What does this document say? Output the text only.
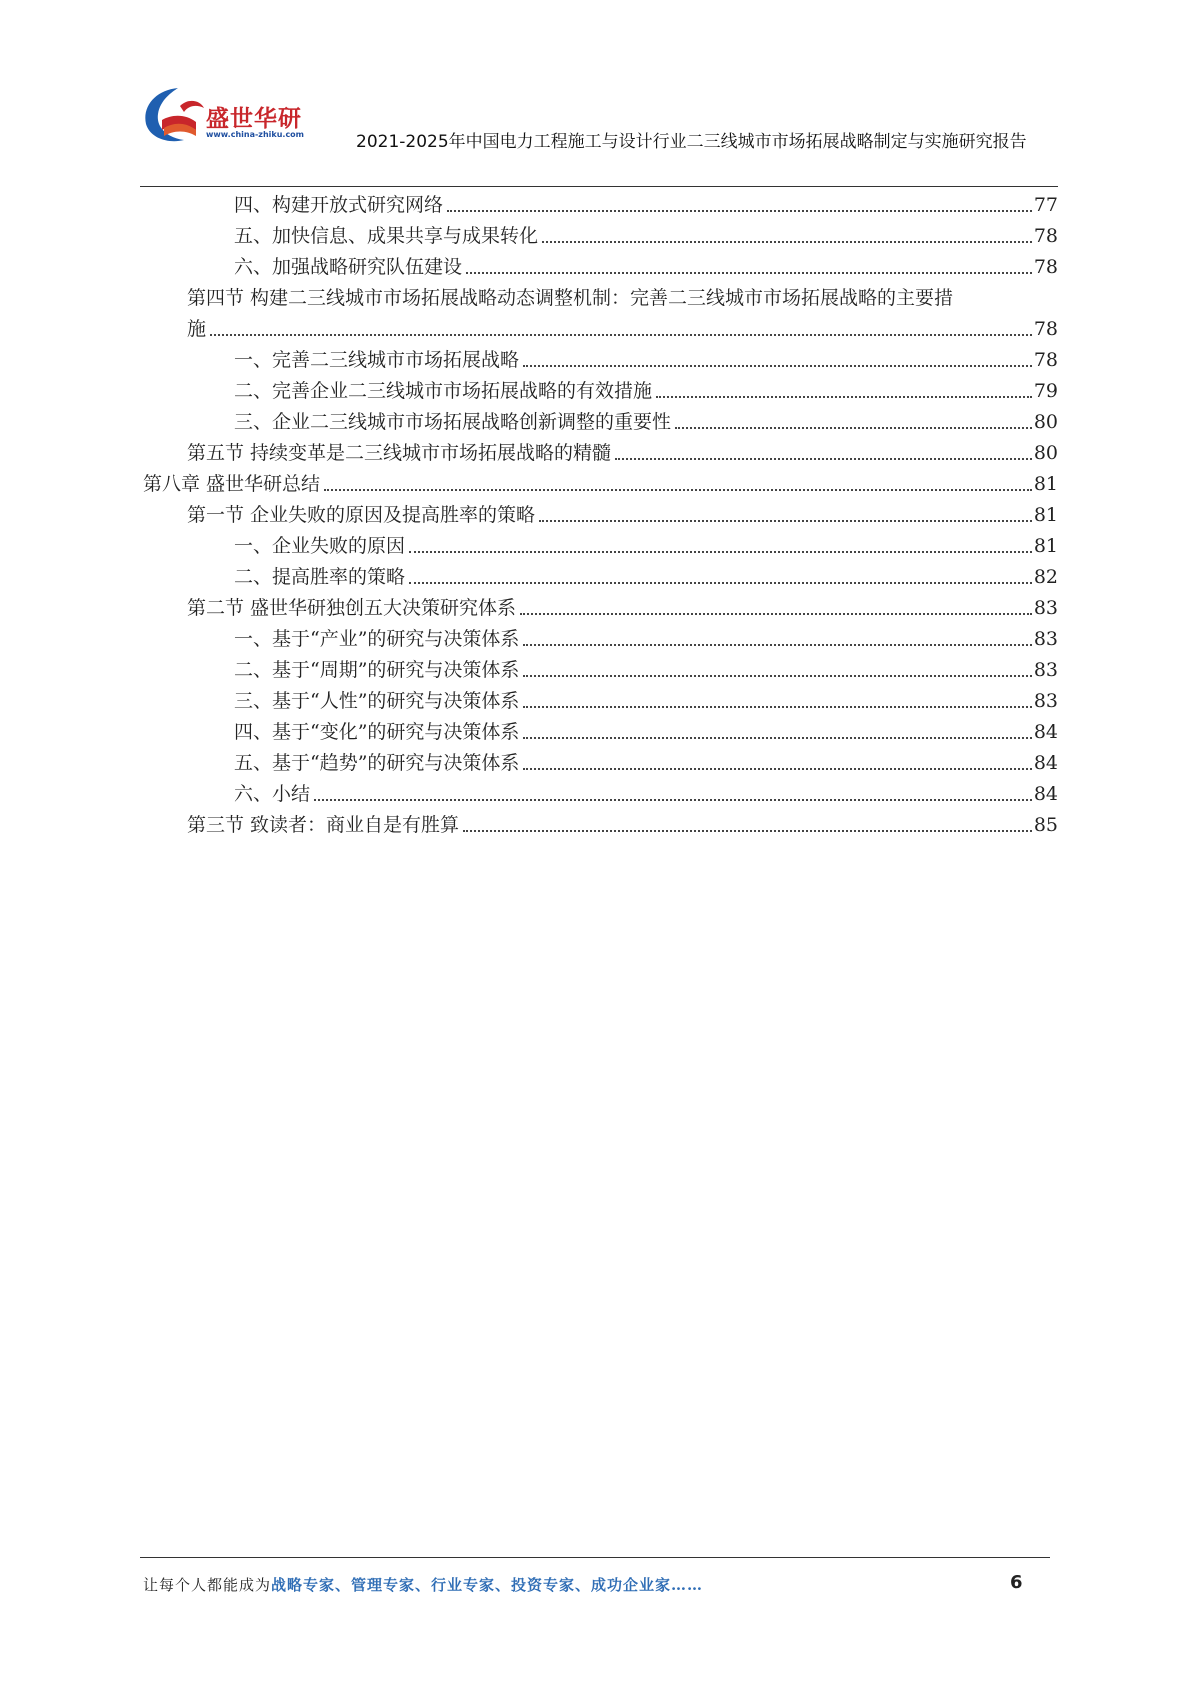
盛世华研
www.china-zhiku.com	2021-2025年中国电力工程施工与设计行业二三线城市市场拓展战略制定与实施研究报告
四、构建开放式研究网络	77
五、加快信息、成果共享与成果转化	78
六、加强战略研究队伍建设	78
第四节 构建二三线城市市场拓展战略动态调整机制：完善二三线城市市场拓展战略的主要措
施	78
一、完善二三线城市市场拓展战略	78
二、完善企业二三线城市市场拓展战略的有效措施	79
三、企业二三线城市市场拓展战略创新调整的重要性	80
第五节 持续变革是二三线城市市场拓展战略的精髓	80
第八章 盛世华研总结	81
第一节 企业失败的原因及提高胜率的策略	81
一、企业失败的原因	81
二、提高胜率的策略	82
第二节 盛世华研独创五大决策研究体系	83
一、基于“产业”的研究与决策体系	83
二、基于“周期”的研究与决策体系	83
三、基于“人性”的研究与决策体系	83
四、基于“变化”的研究与决策体系	84
五、基于“趋势”的研究与决策体系	84
六、小结	84
第三节 致读者：商业自是有胜算	85
让每个人都能成为战略专家、管理专家、行业专家、投资专家、成功企业家……	6
